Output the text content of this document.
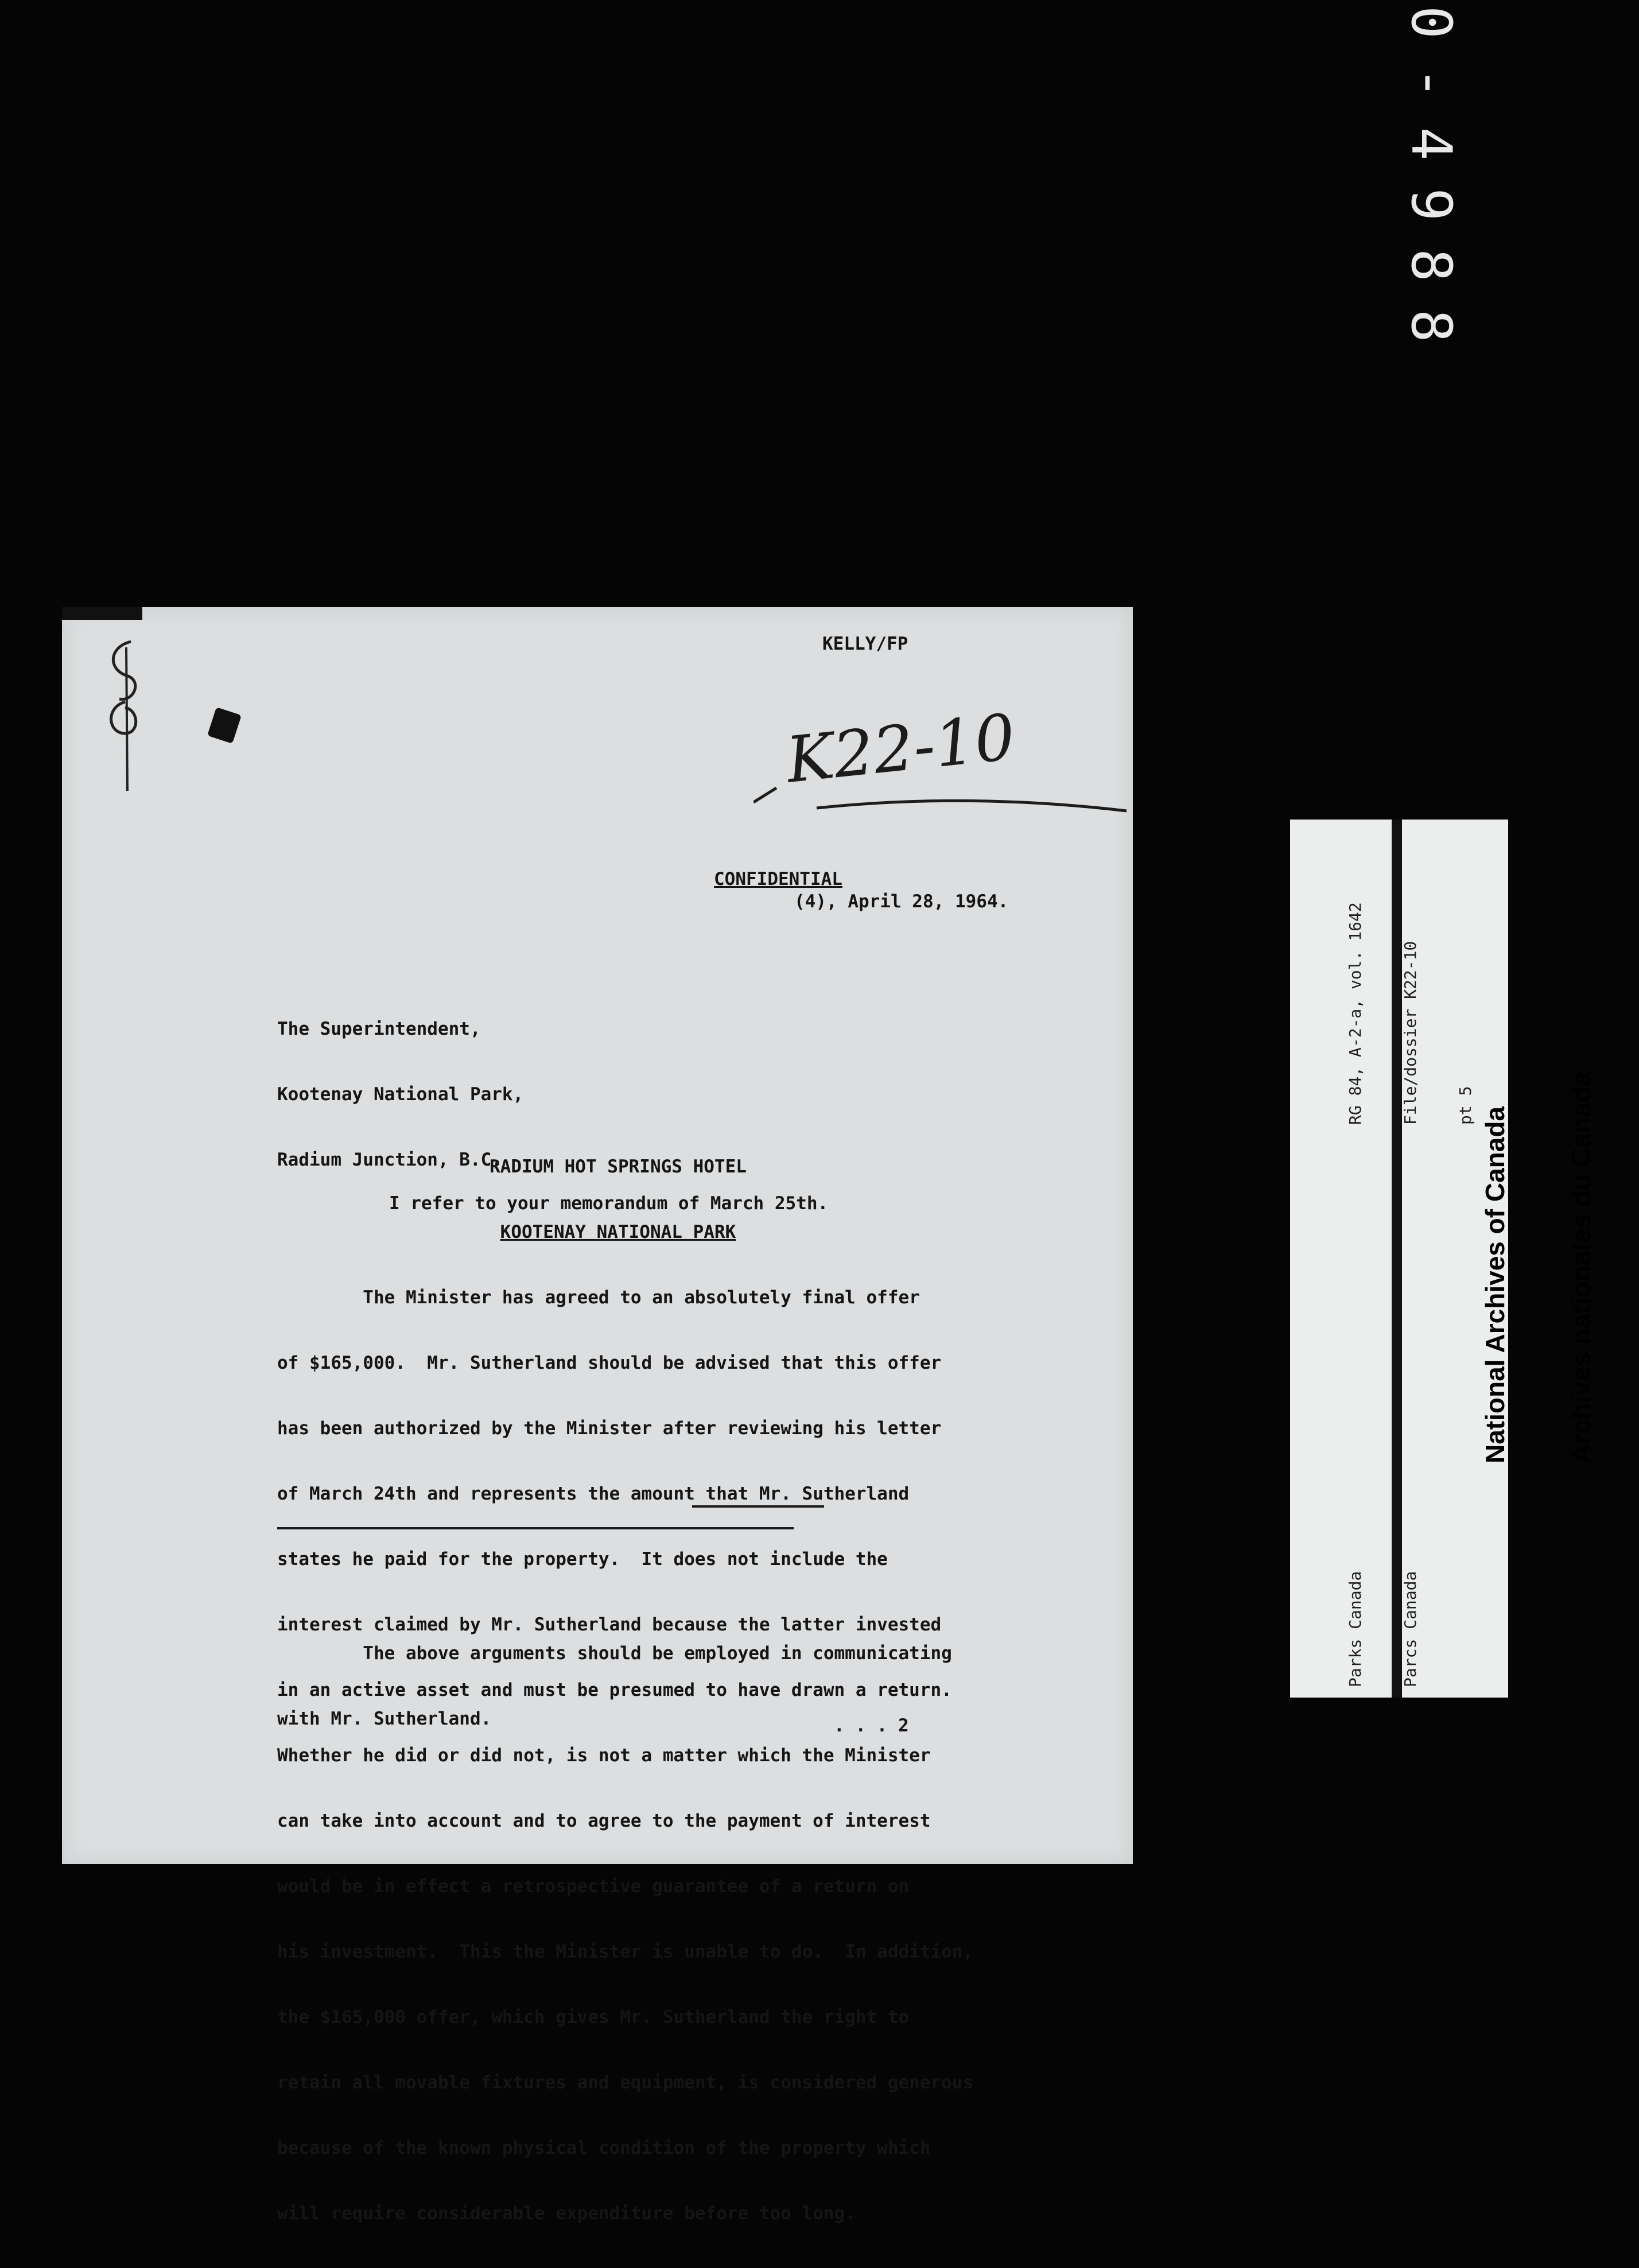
0-4988
KELLY/FP
K22-10
CONFIDENTIAL
(4), April 28, 1964.

The Superintendent,

Kootenay National Park,

Radium Junction, B.C.

RADIUM HOT SPRINGS HOTEL

KOOTENAY NATIONAL PARK

I refer to your memorandum of March 25th.

The Minister has agreed to an absolutely final offer

of $165,000.  Mr. Sutherland should be advised that this offer

has been authorized by the Minister after reviewing his letter

of March 24th and represents the amount that Mr. Sutherland

states he paid for the property.  It does not include the

interest claimed by Mr. Sutherland because the latter invested

in an active asset and must be presumed to have drawn a return.

Whether he did or did not, is not a matter which the Minister

can take into account and to agree to the payment of interest

would be in effect a retrospective guarantee of a return on

his investment.  This the Minister is unable to do.  In addition,

the $165,000 offer, which gives Mr. Sutherland the right to

retain all movable fixtures and equipment, is considered generous

because of the known physical condition of the property which

will require considerable expenditure before too long.

The above arguments should be employed in communicating

with Mr. Sutherland.

	. . . 2

Parks Canada

Parcs Canada

RG 84, A-2-a, vol. 1642

File/dossier K22-10

pt 5

National Archives of Canada

Archives nationales du Canada
